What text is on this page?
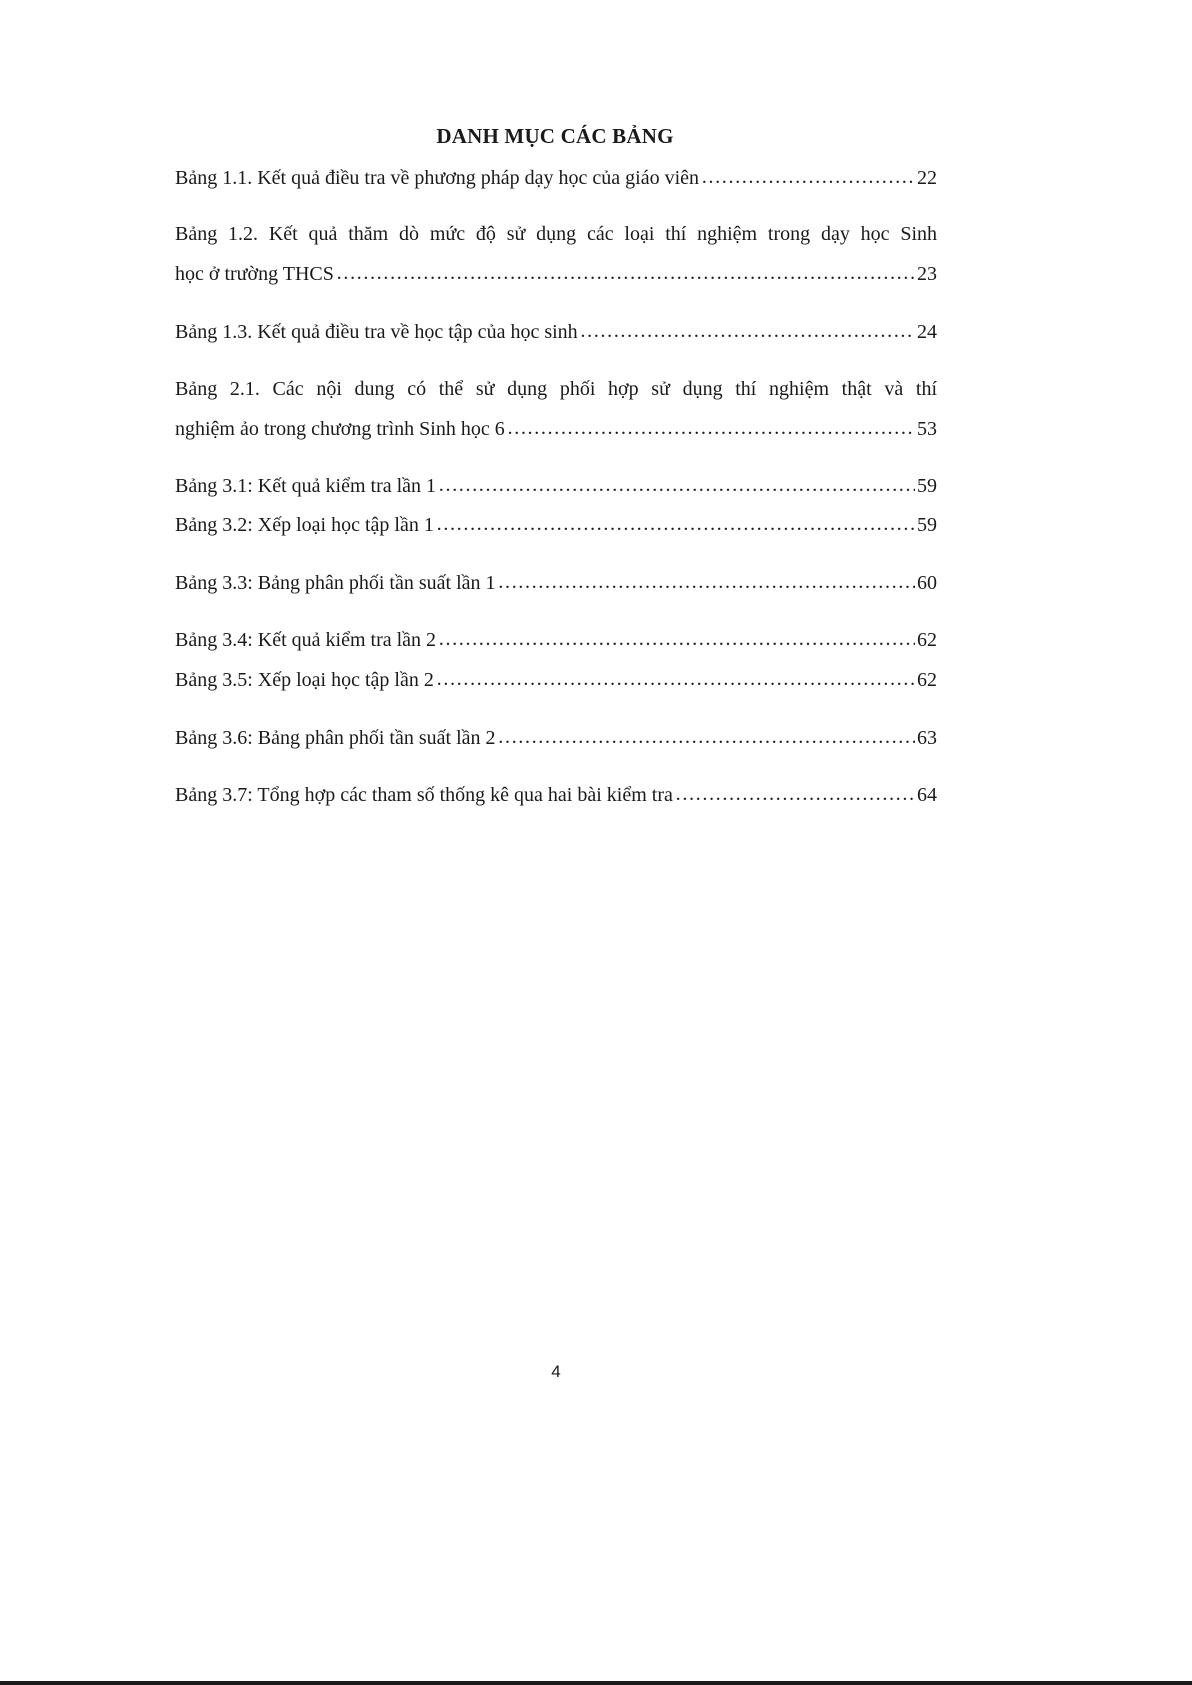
DANH MỤC CÁC BẢNG
Bảng 1.1. Kết quả điều tra về phương pháp dạy học của giáo viên ……………………………………………………………………………………………………………………………………………………………………	22
Bảng 1.2. Kết quả thăm dò mức độ sử dụng các loại thí nghiệm trong dạy học Sinh
học ở trường THCS ……………………………………………………………………………………………………………………………………………………………………	23
Bảng 1.3. Kết quả điều tra về học tập của học sinh ……………………………………………………………………………………………………………………………………………………………………	24
Bảng 2.1. Các nội dung có thể sử dụng phối hợp sử dụng thí nghiệm thật và thí
nghiệm ảo trong chương trình Sinh học 6 ……………………………………………………………………………………………………………………………………………………………………	53
Bảng 3.1: Kết quả kiểm tra lần 1 ……………………………………………………………………………………………………………………………………………………………………	59
Bảng 3.2: Xếp loại học tập lần 1 ……………………………………………………………………………………………………………………………………………………………………	59
Bảng 3.3: Bảng phân phối tần suất lần 1 ……………………………………………………………………………………………………………………………………………………………………	60
Bảng 3.4: Kết quả kiểm tra lần 2 ……………………………………………………………………………………………………………………………………………………………………	62
Bảng 3.5: Xếp loại học tập lần 2 ……………………………………………………………………………………………………………………………………………………………………	62
Bảng 3.6: Bảng phân phối tần suất lần 2 ……………………………………………………………………………………………………………………………………………………………………	63
Bảng 3.7: Tổng hợp các tham số thống kê qua hai bài kiểm tra ……………………………………………………………………………………………………………………………………………………………………	64
4
